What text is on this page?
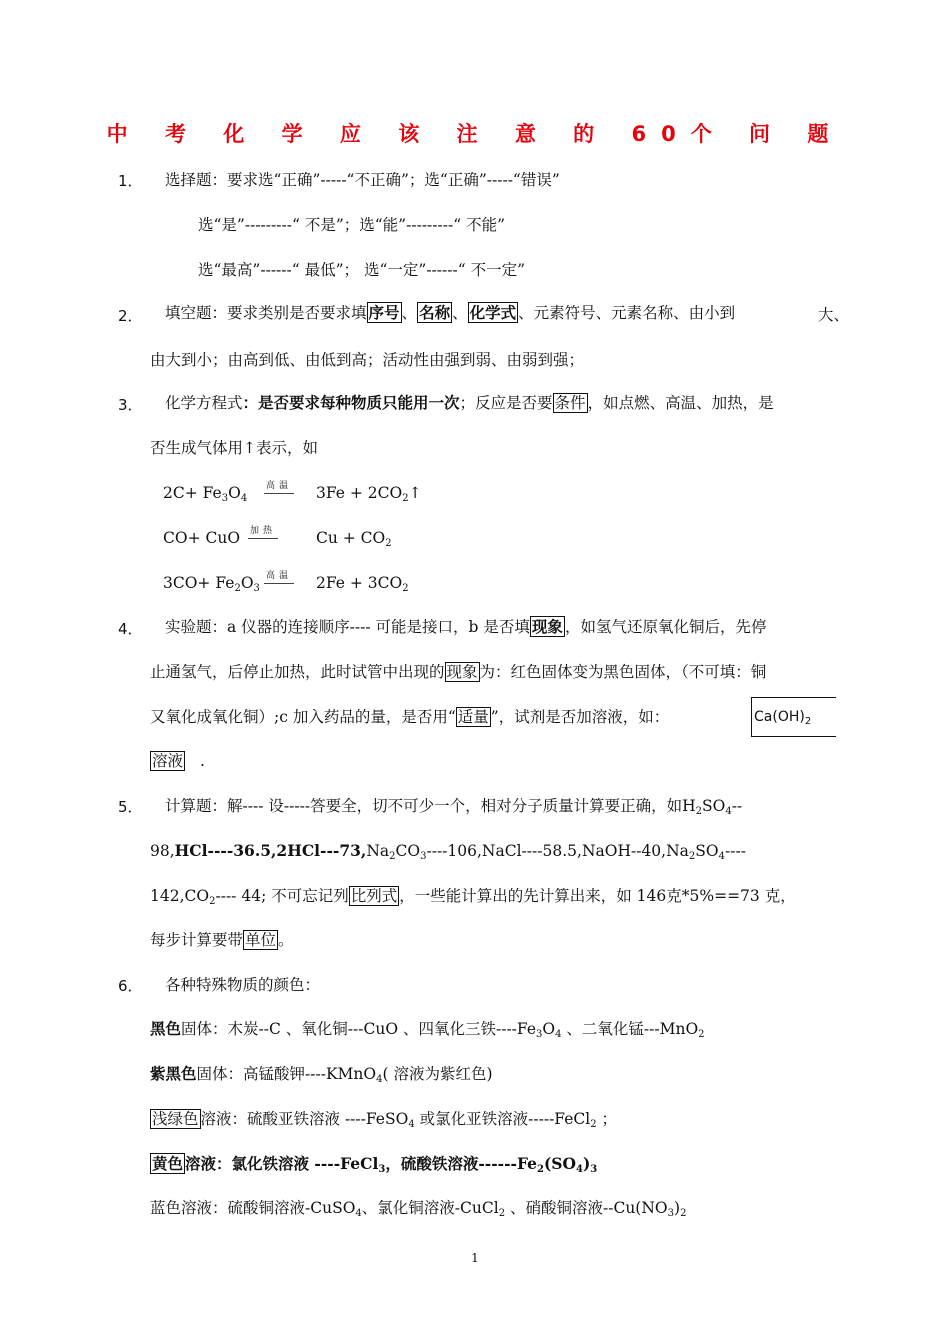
中 考 化 学 应 该 注 意 的 60个 问 题
1． 选择题：要求选“正确”-----“不正确”；选“正确”-----“错误”
选“是”---------“ 不是”；选“能”---------“ 不能”
选“最高”------“ 最低”； 选“一定”------“ 不一定”
2． 填空题：要求类别是否要求填 序号 、 名称 、 化学式 、元素符号、元素名称、由小到	大、
由大到小；由高到低、由低到高；活动性由强到弱、由弱到强；
3． 化学方程式：是否要求每种物质只能用一次；反应是否要 条件 ，如点燃、高温、加热，是
否生成气体用↑表示，如
$2C+ Fe_3O_4$
高温 $3Fe + 2CO_2↑$
CO+ CuO 加热	$Cu + CO_2$
$3CO+ Fe_2O_3$
高温 $2Fe + 3CO_2$
4． 实验题：a 仪器的连接顺序---- 可能是接口，b 是否填 现象 ，如氢气还原氧化铜后，先停
止通氢气，后停止加热，此时试管中出现的 现象 为：红色固体变为黑色固体，（不可填：铜
又氧化成氧化铜）;c 加入药品的量，是否用“ 适量 ”，试剂是否加溶液，如：	$Ca(OH)_2$
溶液 .
5． 计算题：解---- 设-----答要全，切不可少一个，相对分子质量计算要正确，如$H_2SO_4--$
$98,HCl----36.5,2HCl---73,Na_2CO_3----106,NaCl----58.5,NaOH--40,Na_2SO_4----$
$142,CO_2----$ 44; 不可忘记列 比列式 ，一些能计算出的先计算出来，如 146克*5%==73 克，
每步计算要带 单位 。
6． 各种特殊物质的颜色：
黑色固体：木炭--C 、氧化铜---CuO 、四氧化三铁$----Fe_3O_4$ 、二氧化锰---MnO$_2$
紫黑色固体：高锰酸钾----KMnO$_4$( 溶液为紫红色)
浅绿色 溶液：硫酸亚铁溶液 ----FeSO$_4$ 或氯化亚铁溶液-----FeCl$_2$ ；
黄色 溶液：氯化铁溶液 ----FeCl$_3$，硫酸铁溶液$------Fe_2(SO_4)_3$
蓝色溶液：硫酸铜溶液-CuSO$_4$、氯化铜溶液-CuCl$_2$ 、硝酸铜溶液$--Cu(NO_3)_2$
1
